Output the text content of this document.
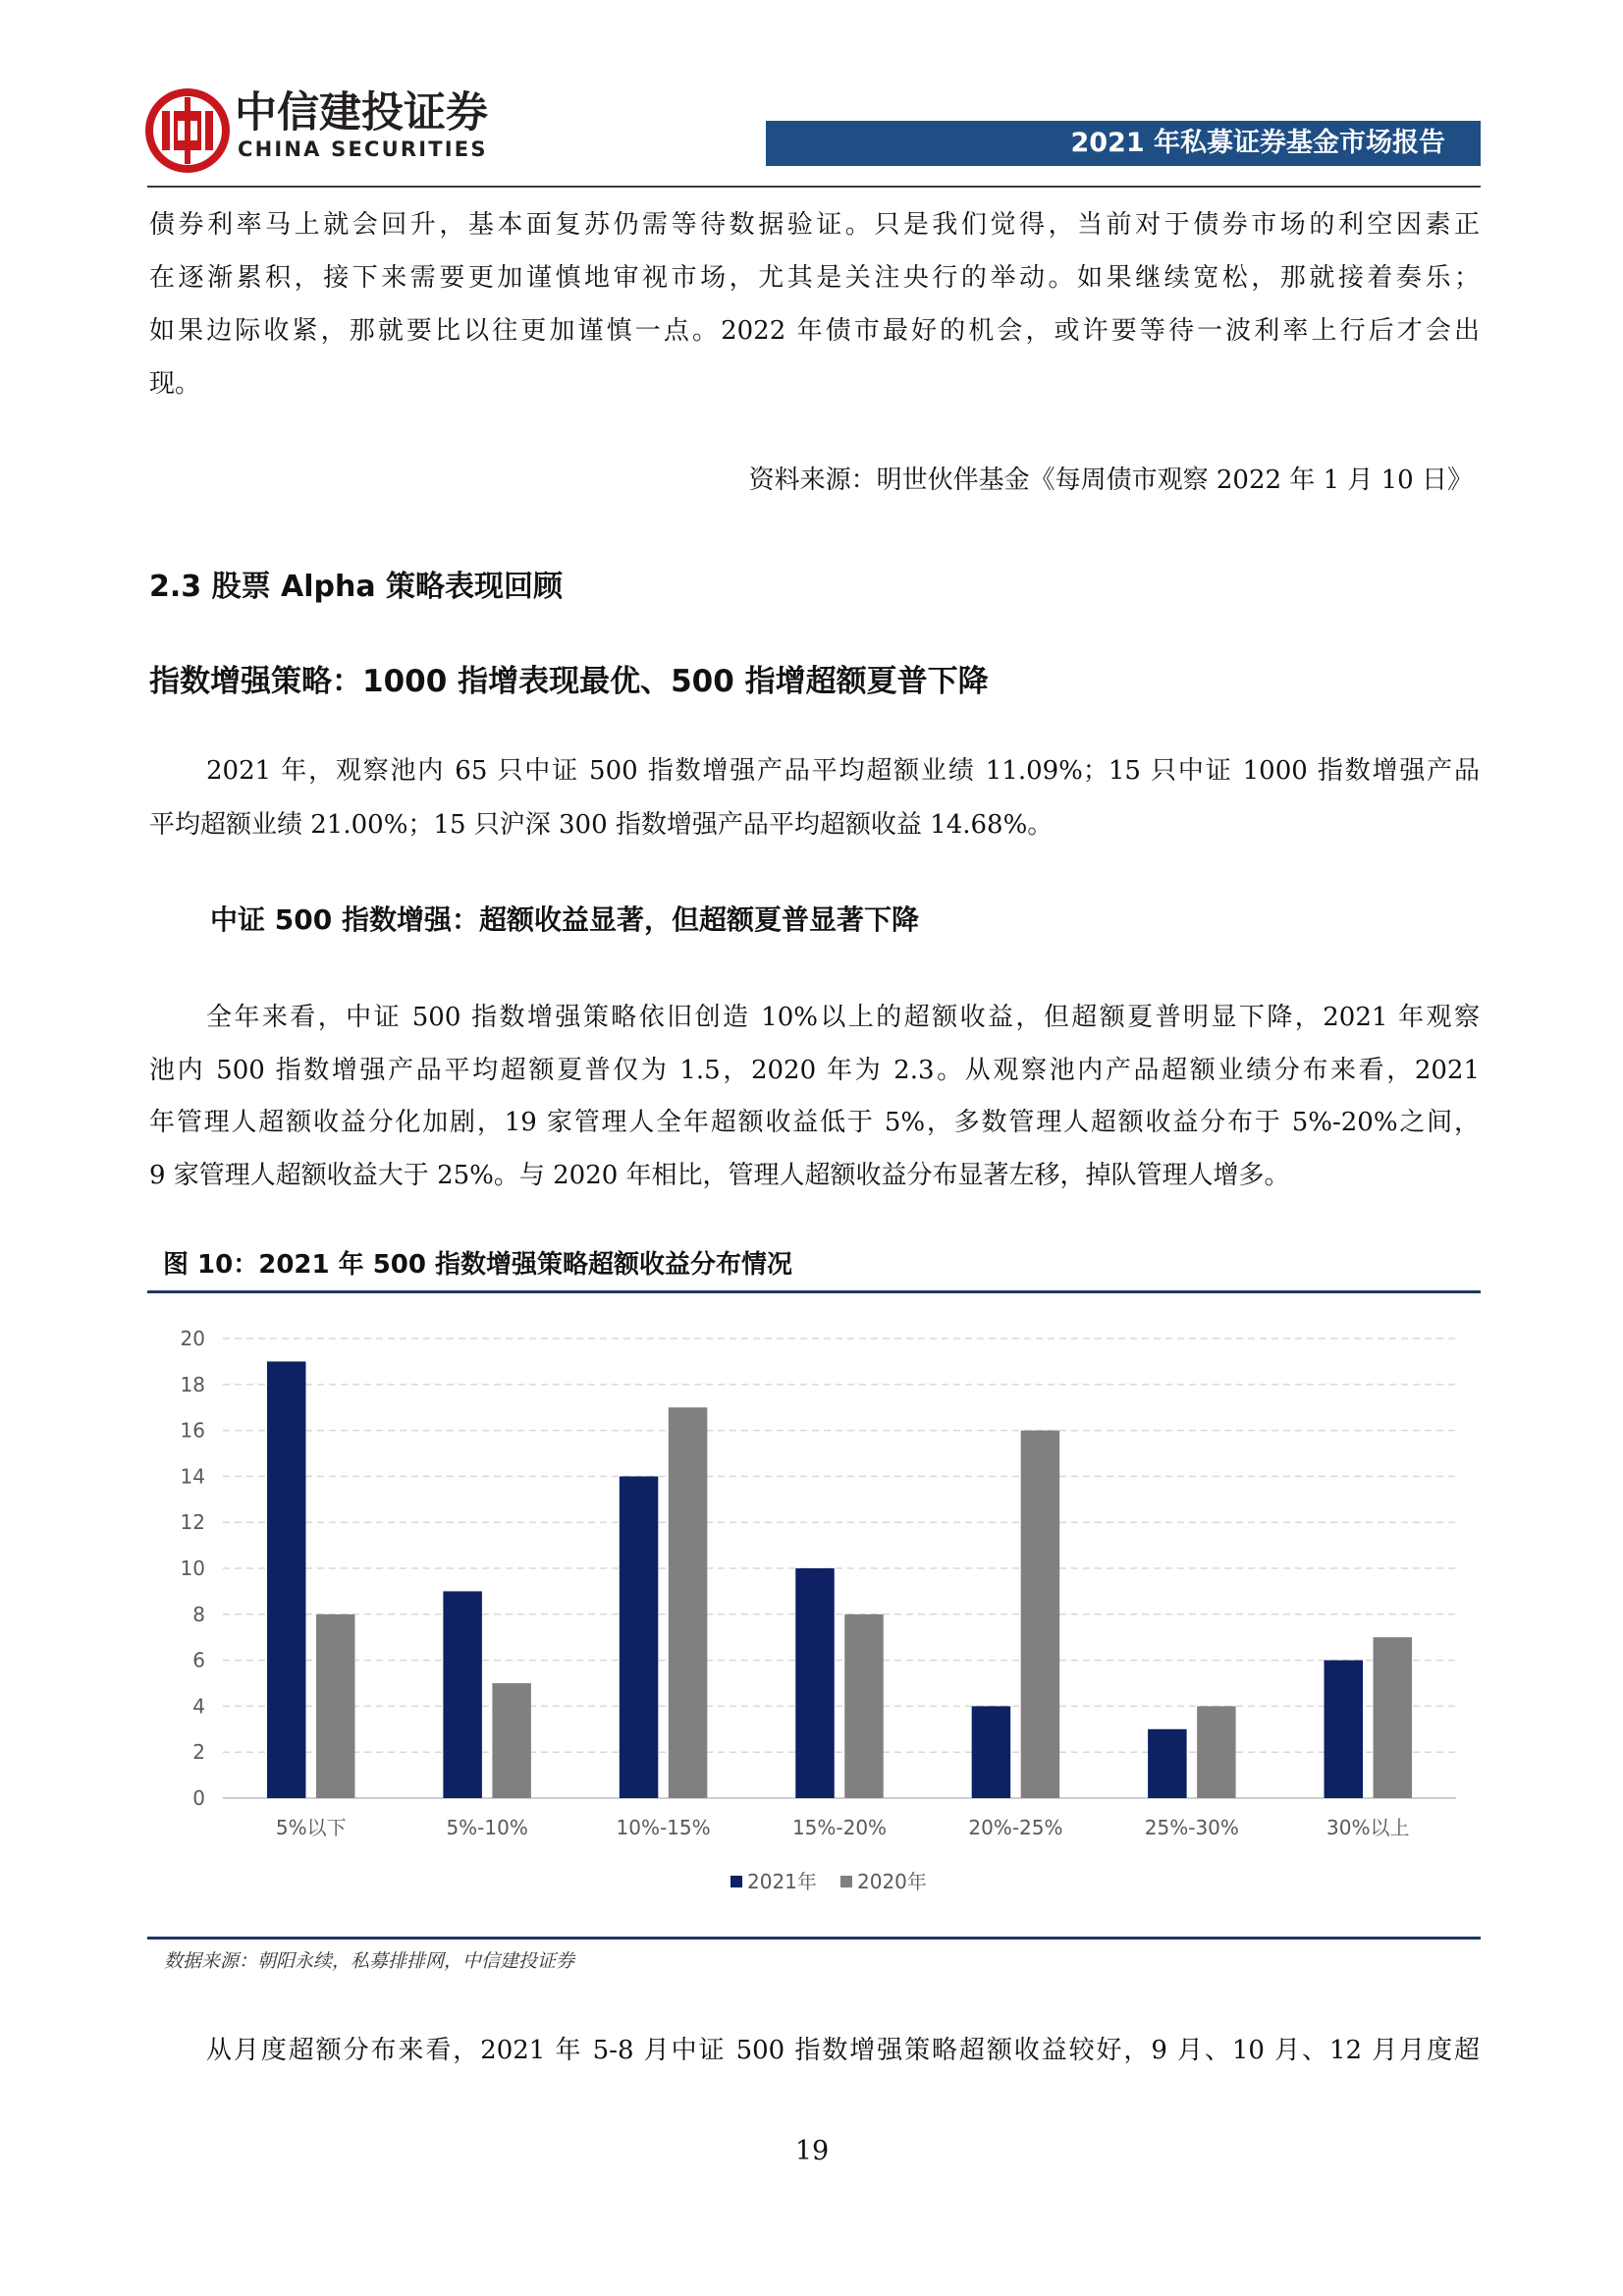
中信建投证券
CHINA SECURITIES	2021 年私募证券基金市场报告
债券利率马上就会回升，基本面复苏仍需等待数据验证。只是我们觉得，当前对于债券市场的利空因素正
在逐渐累积，接下来需要更加谨慎地审视市场，尤其是关注央行的举动。如果继续宽松，那就接着奏乐；
如果边际收紧，那就要比以往更加谨慎一点。2022 年债市最好的机会，或许要等待一波利率上行后才会出
现。
资料来源：明世伙伴基金《每周债市观察 2022 年 1 月 10 日》
2.3 股票 Alpha 策略表现回顾
指数增强策略：1000 指增表现最优、500 指增超额夏普下降
2021 年，观察池内 65 只中证 500 指数增强产品平均超额业绩 11.09%；15 只中证 1000 指数增强产品
平均超额业绩 21.00%；15 只沪深 300 指数增强产品平均超额收益 14.68%。
中证 500 指数增强：超额收益显著，但超额夏普显著下降
全年来看，中证 500 指数增强策略依旧创造 10%以上的超额收益，但超额夏普明显下降，2021 年观察
池内 500 指数增强产品平均超额夏普仅为 1.5，2020 年为 2.3。从观察池内产品超额业绩分布来看，2021
年管理人超额收益分化加剧，19 家管理人全年超额收益低于 5%，多数管理人超额收益分布于 5%-20%之间，
9 家管理人超额收益大于 25%。与 2020 年相比，管理人超额收益分布显著左移，掉队管理人增多。
图 10：2021 年 500 指数增强策略超额收益分布情况
0
2
4
6
8
10
12
14
16
18
20
5%以下	5%-10%	10%-15%	15%-20%	20%-25%	25%-30%	30%以上
2021年 2020年
数据来源：朝阳永续，私募排排网，中信建投证券
从月度超额分布来看，2021 年 5-8 月中证 500 指数增强策略超额收益较好，9 月、10 月、12 月月度超
19
